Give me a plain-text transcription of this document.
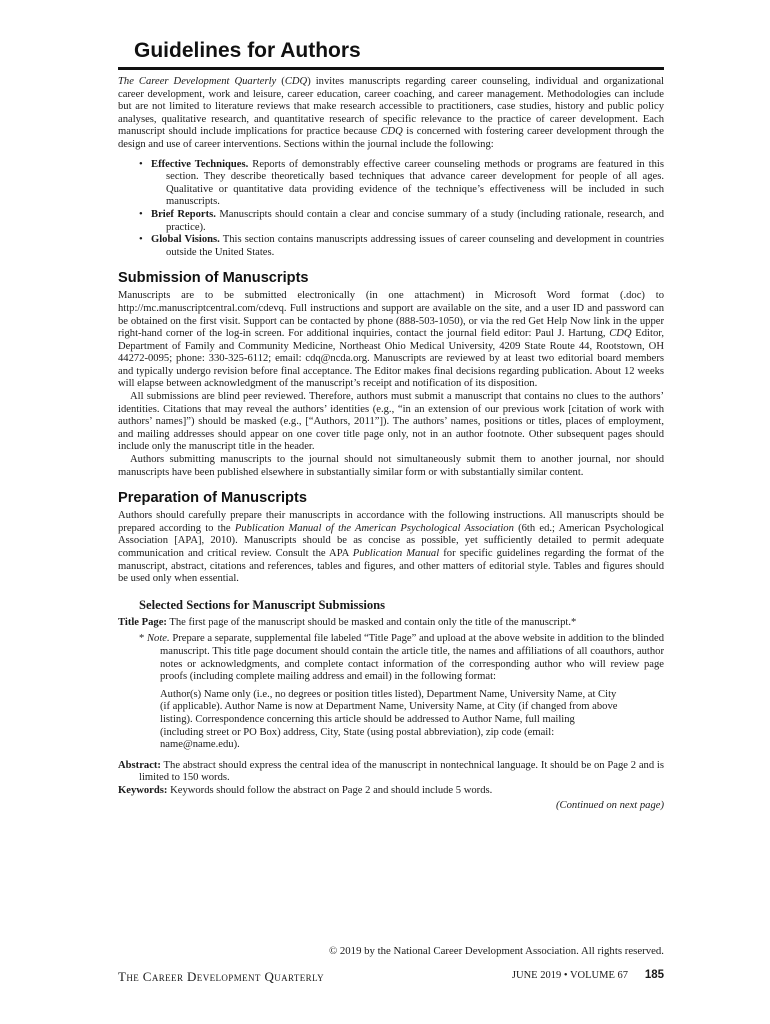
Guidelines for Authors

The Career Development Quarterly (CDQ) invites manuscripts regarding career counseling, individual and organizational career development, work and leisure, career education, career coaching, and career management. Methodologies can include but are not limited to literature reviews that make research accessible to practitioners, case studies, history and public policy analyses, qualitative research, and quantitative research of specific relevance to the practice of career development. Each manuscript should include implications for practice because CDQ is concerned with fostering career development through the design and use of career interventions. Sections within the journal include the following:

• Effective Techniques. Reports of demonstrably effective career counseling methods or programs are featured in this section. They describe theoretically based techniques that advance career development for people of all ages. Qualitative or quantitative data providing evidence of the technique’s effectiveness will be included in such manuscripts.
• Brief Reports. Manuscripts should contain a clear and concise summary of a study (including rationale, research, and practice).
• Global Visions. This section contains manuscripts addressing issues of career counseling and development in countries outside the United States.
Submission of Manuscripts

Manuscripts are to be submitted electronically (in one attachment) in Microsoft Word format (.doc) to http://mc.manuscriptcentral.com/cdevq. Full instructions and support are available on the site, and a user ID and password can be obtained on the first visit. Support can be contacted by phone (888-503-1050), or via the red Get Help Now link in the upper right-hand corner of the log-in screen. For additional inquiries, contact the journal field editor: Paul J. Hartung, CDQ Editor, Department of Family and Community Medicine, Northeast Ohio Medical University, 4209 State Route 44, Rootstown, OH 44272-0095; phone: 330-325-6112; email: cdq@ncda.org. Manuscripts are reviewed by at least two editorial board members and typically undergo revision before final acceptance. The Editor makes final decisions regarding publication. About 12 weeks will elapse between acknowledgment of the manuscript’s receipt and notification of its disposition.

All submissions are blind peer reviewed. Therefore, authors must submit a manuscript that contains no clues to the authors’ identities. Citations that may reveal the authors’ identities (e.g., “in an extension of our previous work [citation of work with authors’ names]”) should be masked (e.g., [“Authors, 2011”]). The authors’ names, positions or titles, places of employment, and mailing addresses should appear on one cover title page only, not in an author footnote. Other subsequent pages should include only the manuscript title in the header.

Authors submitting manuscripts to the journal should not simultaneously submit them to another journal, nor should manuscripts have been published elsewhere in substantially similar form or with substantially similar content.

Preparation of Manuscripts

Authors should carefully prepare their manuscripts in accordance with the following instructions. All manuscripts should be prepared according to the Publication Manual of the American Psychological Association (6th ed.; American Psychological Association [APA], 2010). Manuscripts should be as concise as possible, yet sufficiently detailed to permit adequate communication and critical review. Consult the APA Publication Manual for specific guidelines regarding the format of the manuscript, abstract, citations and references, tables and figures, and other matters of editorial style. Tables and figures should be used only when essential.

Selected Sections for Manuscript Submissions

Title Page: The first page of the manuscript should be masked and contain only the title of the manuscript.*

* Note. Prepare a separate, supplemental file labeled “Title Page” and upload at the above website in addition to the blinded manuscript. This title page document should contain the article title, the names and affiliations of all coauthors, author notes or acknowledgments, and complete contact information of the corresponding author who will review page proofs (including complete mailing address and email) in the following format:

Author(s) Name only (i.e., no degrees or position titles listed), Department Name, University Name, at City (if applicable). Author Name is now at Department Name, University Name, at City (if changed from above listing). Correspondence concerning this article should be addressed to Author Name, full mailing (including street or PO Box) address, City, State (using postal abbreviation), zip code (email: name@name.edu).

Abstract: The abstract should express the central idea of the manuscript in nontechnical language. It should be on Page 2 and is limited to 150 words.

Keywords: Keywords should follow the abstract on Page 2 and should include 5 words.

(Continued on next page)

© 2019 by the National Career Development Association. All rights reserved.
The Career Development Quarterly	JUNE 2019 • VOLUME 67 185
